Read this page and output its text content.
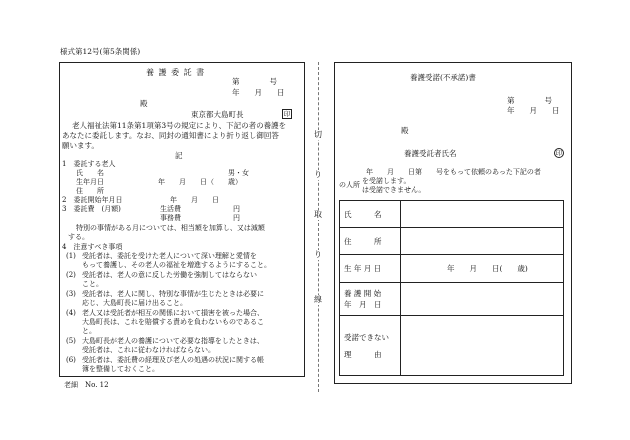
様式第12号(第5条関係)
養 護 委 託 書
第　　　　号
年　　月　　日
殿
東京都大島町長	印
老人福祉法第11条第1項第3号の規定により、下記の者の養護を
あなたに委託します。なお、同封の通知書により折り返し御回答
願います。
記
1　委託する老人
氏　　名	男・女
生年月日	年　　月　　日（　　歳）
住　　所
2　委託開始年月日	年　　月　　日
3　委託費　(月額)	生活費	円
事務費	円
特別の事情がある月については、相当額を加算し、又は減額
する。
4　注意すべき事項
(1) 受託者は、委託を受けた老人について深い理解と愛情を
もって養護し、その老人の福祉を増進するようにすること。
(2) 受託者は、老人の意に反した労働を強制してはならない
こと。
(3) 受託者は、老人に関し、特別な事情が生じたときは必要に
応じ、大島町長に届け出ること。
(4) 老人又は受託者が相互の関係において損害を被った場合、
大島町長は、これを賠償する責めを負わないものであるこ
と。
(5) 大島町長が老人の養護について必要な指導をしたときは、
受託者は、これに従わなければならない。
(6) 受託者は、委託費の経理及び老人の処遇の状況に関する帳
簿を整備しておくこと。
老細　No. 12
切
り
取
り
線
養護受諾(不承諾)書
第　　　　号
年　　月　　日
殿
養護受託者氏名	印
年　　月　　日第　　号をもって依頼のあった下記の者
の人所 を受諾します。
は受諾できません。
氏　　　名	
住　　　所	
生 年 月 日	年　　月　　日(　　歳)

養 護 開 始
年　月　日	

受諾できない
理　　　由	
